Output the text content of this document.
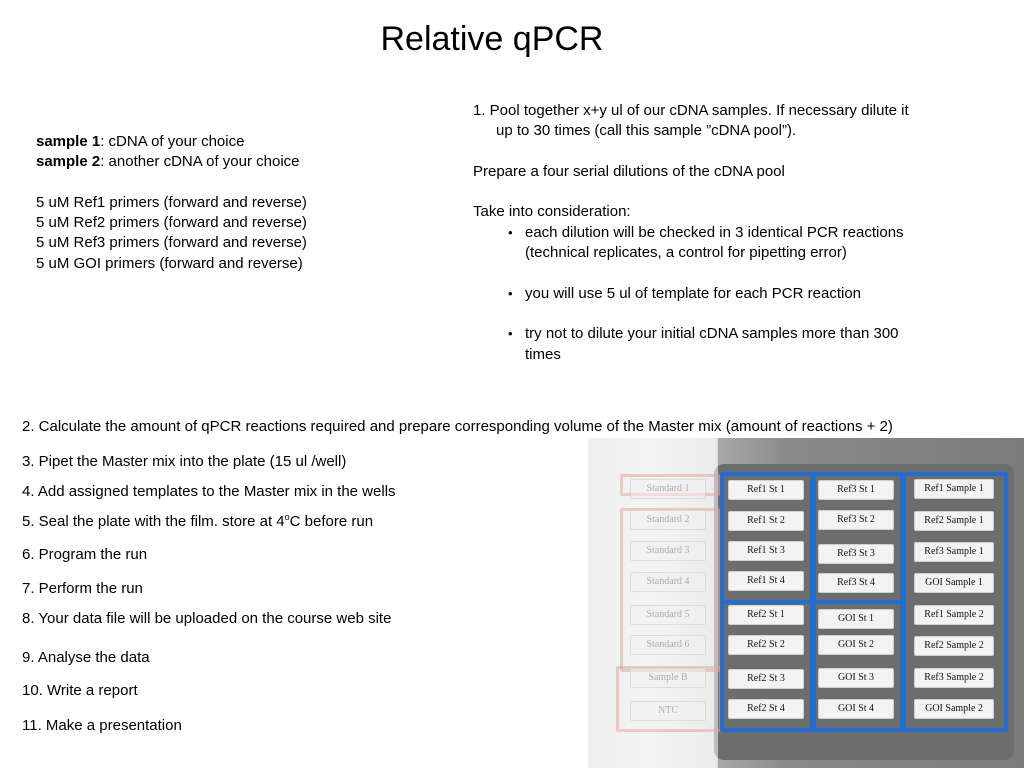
Relative qPCR
sample 1: cDNA of your choice
sample 2: another cDNA of your choice
5 uM Ref1 primers (forward and reverse)
5 uM Ref2 primers (forward and reverse)
5 uM Ref3 primers (forward and reverse)
5 uM GOI primers (forward and reverse)
1. Pool together x+y ul of our cDNA samples. If necessary dilute it
up to 30 times (call this sample ”cDNA pool”).
Prepare a four serial dilutions of the cDNA pool
Take into consideration:
• each dilution will be checked in 3 identical PCR reactions
(technical replicates, a control for pipetting error)
• you will use 5 ul of template for each PCR reaction
• try not to dilute your initial cDNA samples more than 300
times
2. Calculate the amount of qPCR reactions required and prepare corresponding volume of the Master mix (amount of reactions + 2)
3. Pipet the Master mix into the plate (15 ul /well)
4. Add assigned templates to the Master mix in the wells
5. Seal the plate with the film. store at 4$^o$C before run
6. Program the run
7. Perform the run
8. Your data file will be uploaded on the course web site
9. Analyse the data
10. Write a report
11. Make a presentation
Standard 1
Standard 2
Standard 3
Standard 4
Standard 5
Standard 6
Sample B
NTC
Ref1 St 1
Ref1 St 2
Ref1 St 3
Ref1 St 4
Ref2 St 1
Ref2 St 2
Ref2 St 3
Ref2 St 4
Ref3 St 1
Ref3 St 2
Ref3 St 3
Ref3 St 4
GOI St 1
GOI St 2
GOI St 3
GOI St 4
Ref1 Sample 1
Ref2 Sample 1
Ref3 Sample 1
GOI Sample 1
Ref1 Sample 2
Ref2 Sample 2
Ref3 Sample 2
GOI Sample 2
